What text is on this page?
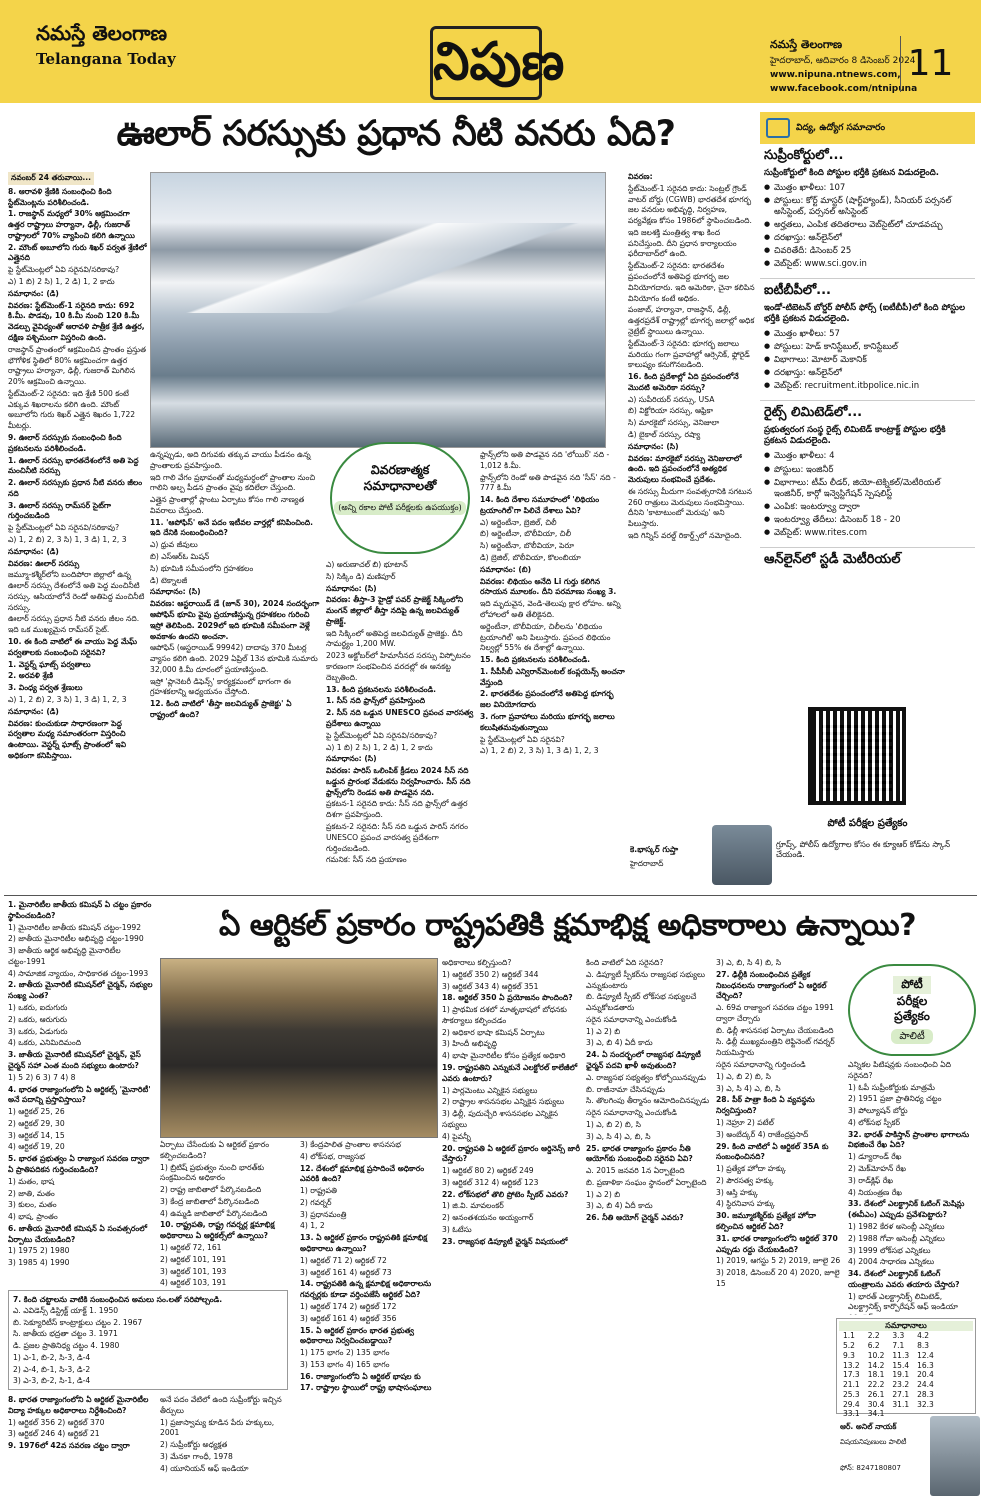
నమస్తే తెలంగాణ
Telangana Today	నిపుణ	నమస్తే తెలంగాణ
హైదరాబాద్, ఆదివారం 8 డిసెంబర్ 2024
www.nipuna.ntnews.com,
www.facebook.com/ntnipuna
11
ఊలార్ సరస్సుకు ప్రధాన నీటి వనరు ఏది?
నవంబర్ 24 తరువాయి...

8. ఆరావళి శ్రేణికి సంబంధించి కింది స్టేట్‌మెంట్లను పరిశీలించండి.

1. రాజస్థాన్ మధ్యలో 30% ఆక్రమించగా ఉత్తర రాష్ట్రాలు హర్యానా, ఢిల్లీ, గుజరాత్ రాష్ట్రాలలో 70% వ్యాపించి కలిగి ఉన్నాయి

2. మౌంట్ అబూలోని గురు శిఖర్ పర్వత శ్రేణిలో ఎత్తైనది

పై స్టేట్‌మెంట్లలో ఏవి సరైనవి/సరికావు?

ఎ) 1 బి) 2 సి) 1, 2 డి) 1, 2 కాదు

సమాధానం: (డి)

వివరణ: స్టేట్‌మెంట్-1 సరైనది కాదు: 692 కి.మీ. పొడవు, 10 కి.మీ నుంచి 120 కి.మీ వెడల్పు వైవిధ్యంతో ఆరావళి పాత్రీక శ్రేణి ఉత్తర, దక్షిణ పశ్చిమంగా విస్తరించి ఉంది.

రాజస్థాన్ ప్రాంతంలో ఆక్రమించిన ప్రాంతం ప్రస్తుత భౌగోళిక స్థితిలో 80% ఆక్రమించగా ఉత్తర రాష్ట్రాలు హర్యానా, ఢిల్లీ, గుజరాత్ మిగిలిన 20% ఆక్రమించి ఉన్నాయి.

స్టేట్‌మెంట్-2 సరైనది: ఇది శ్రేణి 500 కంటే ఎక్కువ శిఖరాలను కలిగి ఉంది. మౌంట్ అబూలోని గురు శిఖర్ ఎత్తైన శిఖరం 1,722 మీటర్లు.

9. ఊలార్ సరస్సుకు సంబంధించి కింది ప్రకటనలను పరిశీలించండి.

1. ఊలార్ సరస్సు భారతదేశంలోనే అతి పెద్ద మంచినీటి సరస్సు

2. ఊలార్ సరస్సుకు ప్రధాన నీటి వనరు జీలం నది

3. ఊలార్ సరస్సు రామ్‌సర్ సైట్‌గా గుర్తించబడింది

పై స్టేట్‌మెంట్లలో ఏవి సరైనవి/సరికావు?

ఎ) 1, 2 బి) 2, 3 సి) 1, 3 డి) 1, 2, 3

సమాధానం: (డి)

వివరణ: ఊలార్ సరస్సు

జమ్మూ-కశ్మీర్‌లోని బందిపోరా జిల్లాలో ఉన్న ఊలార్ సరస్సు దేశంలోనే అతి పెద్ద మంచినీటి సరస్సు. ఆసియాలోనే రెండో అతిపెద్ద మంచినీటి సరస్సు.

ఊలార్ సరస్సు ప్రధాన నీటి వనరు జీలం నది. ఇది ఒక ముఖ్యమైన రామ్‌సర్ సైట్.

10. ఈ కింది వాటిలో ఈ వాయు పెద్ద మేఘ్ పర్వతాలకు సంబంధించి సరైనవి?

1. వెస్టర్న్ ఘాట్స్ పర్వతాలు

2. అరవళి శ్రేణి

3. వింధ్య పర్వత శ్రేణులు

ఎ) 1, 2 బి) 2, 3 సి) 1, 3 డి) 1, 2, 3

సమాధానం: (డి)

వివరణ: కుంచుకుడా సాధారణంగా పెద్ద పర్వతాల మధ్య సమాంతరంగా విస్తరించి ఉంటాయి. వెస్టర్న్ ఘాట్స్ ప్రాంతంలో ఇవి అధికంగా కనిపిస్తాయి.

ఉన్నప్పుడు, అది దిగువకు తక్కువ వాయు పీడనం ఉన్న ప్రాంతాలకు ప్రవహిస్తుంది.

ఇది గాలి వేగం ప్రభావంతో మధ్యమర్ధంలో ప్రాంతాల నుంచి గాలిని అల్ప పీడన ప్రాంతం వైపు కదిలేలా చేస్తుంది.

ఎత్తైన ప్రాంతాల్లో ప్లాంటు ఏర్పాటు కోసం గాలి నాణ్యత వివరాలు చేస్తుంది.

11. 'ఆపోఫిస్' అనే పదం ఇటీవల వార్తల్లో కనిపించింది. ఇది దేనికి సంబంధించింది?

ఎ) ధ్రువ జీవులు

బి) ఎస్ఆర్ఓ మిషన్

సి) భూమికి సమీపంలోని గ్రహశకలం

డి) టెక్నాలజీ

సమాధానం: (సి)

వివరణ: ఆస్టరాయిడ్ డే (జూన్ 30), 2024 సందర్భంగా ఆపోఫిస్ భూమి వైపు ప్రయాణిస్తున్న గ్రహశకలం గురించి ఇస్రో తెలిపింది. 2029లో ఇది భూమికి సమీపంగా వెళ్లే అవకాశం ఉందని అంచనా.

ఆపోఫిస్ (ఆస్టరాయిడ్ 99942) దాదాపు 370 మీటర్ల వ్యాసం కలిగి ఉంది. 2029 ఏప్రిల్ 13న భూమికి సుమారు 32,000 కి.మీ దూరంలో ప్రయాణిస్తుంది.

ఇస్రో 'ప్లానెటరీ డిఫెన్స్' కార్యక్రమంలో భాగంగా ఈ గ్రహశకలాన్ని అధ్యయనం చేస్తోంది.

12. కింది వాటిలో 'తీస్తా జలవిద్యుత్ ప్రాజెక్టు' ఏ రాష్ట్రంలో ఉంది?

వివరణాత్మక
సమాధానాలతో
(అన్ని రకాల పోటీ పరీక్షలకు ఉపయుక్తం)

ఎ) అరుణాచల్ బి) భూటాన్

సి) సిక్కిం డి) మణిపూర్

సమాధానం: (సి)

వివరణ: తీస్తా-3 హైడ్రో పవర్ ప్రాజెక్ట్ సిక్కింలోని మంగన్ జిల్లాలో తీస్తా నదిపై ఉన్న జలవిద్యుత్ ప్రాజెక్ట్.

ఇది సిక్కింలో అతిపెద్ద జలవిద్యుత్ ప్రాజెక్టు. దీని సామర్థ్యం 1,200 MW.

2023 అక్టోబర్‌లో హిమానీనద సరస్సు విస్ఫోటనం కారణంగా సంభవించిన వరదల్లో ఈ ఆనకట్ట దెబ్బతింది.

13. కింది ప్రకటనలను పరిశీలించండి.

1. సీస్ నది ఫ్రాన్స్‌లో ప్రవహిస్తుంది

2. సీస్ నది ఒడ్డున UNESCO ప్రపంచ వారసత్వ ప్రదేశాలు ఉన్నాయి

పై స్టేట్‌మెంట్లలో ఏవి సరైనవి/సరికావు?

ఎ) 1 బి) 2 సి) 1, 2 డి) 1, 2 కాదు

సమాధానం: (సి)

వివరణ: పారిస్ ఒలింపిక్ క్రీడలు 2024 సీస్ నది ఒడ్డున ప్రారంభ వేడుకను నిర్వహించారు. సీస్ నది ఫ్రాన్స్‌లోని రెండవ అతి పొడవైన నది.

ప్రకటన-1 సరైనది కాదు: సీస్ నది ఫ్రాన్స్‌లో ఉత్తర దిశగా ప్రవహిస్తుంది.

ప్రకటన-2 సరైనది: సీస్ నది ఒడ్డున పారిస్ నగరం UNESCO ప్రపంచ వారసత్వ ప్రదేశంగా గుర్తించబడింది.

గమనిక: సీస్ నది ప్రయాణం

ఫ్రాన్స్‌లోని అతి పొడవైన నది 'లోయిర్' నది - 1,012 కి.మీ.

ఫ్రాన్స్‌లోని రెండో అతి పొడవైన నది 'సీస్' నది - 777 కి.మీ

14. కింది దేశాల సమూహంలో 'లిథియం ట్రయాంగిల్'గా పిలిచే దేశాలు ఏవి?

ఎ) అర్జెంటీనా, బ్రెజిల్, చిలీ

బి) అర్జెంటీనా, బొలీవియా, చిలీ

సి) అర్జెంటీనా, బొలీవియా, పెరూ

డి) బ్రెజిల్, బొలీవియా, కొలంబియా

సమాధానం: (బి)

వివరణ: లిథియం అనేది Li గుర్తు కలిగిన రసాయన మూలకం. దీని పరమాణు సంఖ్య 3.

ఇది మృదువైన, వెండి-తెలుపు క్షార లోహం. అన్ని లోహాలలో అతి తేలికైనది.

అర్జెంటీనా, బొలీవియా, చిలీలను 'లిథియం ట్రయాంగిల్' అని పిలుస్తారు. ప్రపంచ లిథియం నిల్వల్లో 55% ఈ దేశాల్లో ఉన్నాయి.

15. కింది ప్రకటనలను పరిశీలించండి.

1. సీపీసీబీ ఎన్విరాన్‌మెంటల్ కంప్లయెన్స్ అంచనా వేస్తుంది

2. భారతదేశం ప్రపంచంలోనే అతిపెద్ద భూగర్భ జల వినియోగదారు

3. గంగా ప్రవాహాలు మరియు భూగర్భ జలాలు కలుషితమవుతున్నాయి

పై స్టేట్‌మెంట్లలో ఏవి సరైనవి?

ఎ) 1, 2 బి) 2, 3 సి) 1, 3 డి) 1, 2, 3

వివరణ:

స్టేట్‌మెంట్-1 సరైనది కాదు: సెంట్రల్ గ్రౌండ్ వాటర్ బోర్డు (CGWB) భారతదేశ భూగర్భ జల వనరుల అభివృద్ధి, నిర్వహణ, పర్యవేక్షణ కోసం 1986లో స్థాపించబడింది.

ఇది జలశక్తి మంత్రిత్వ శాఖ కింద పనిచేస్తుంది. దీని ప్రధాన కార్యాలయం ఫరీదాబాద్‌లో ఉంది.

స్టేట్‌మెంట్-2 సరైనది: భారతదేశం ప్రపంచంలోనే అతిపెద్ద భూగర్భ జల వినియోగదారు. ఇది అమెరికా, చైనా కలిపిన వినియోగం కంటే అధికం.

పంజాబ్, హర్యానా, రాజస్థాన్, ఢిల్లీ, ఉత్తరప్రదేశ్ రాష్ట్రాల్లో భూగర్భ జలాల్లో అధిక నైట్రేట్ స్థాయిలు ఉన్నాయి.

స్టేట్‌మెంట్-3 సరైనది: భూగర్భ జలాలు మరియు గంగా ప్రవాహాల్లో ఆర్సెనిక్, ఫ్లోరైడ్ కాలుష్యం కనుగొనబడింది.

16. కింది ప్రదేశాల్లో ఏది ప్రపంచంలోనే మొదటి అమెరికా సరస్సు?

ఎ) సుపీరియర్ సరస్సు, USA

బి) విక్టోరియా సరస్సు, ఆఫ్రికా

సి) మారకైబో సరస్సు, వెనిజులా

డి) బైకాల్ సరస్సు, రష్యా

సమాధానం: (సి)

వివరణ: మారకైబో సరస్సు వెనిజులాలో ఉంది. ఇది ప్రపంచంలోనే అత్యధిక మెరుపులు సంభవించే ప్రదేశం.

ఈ సరస్సు మీదుగా సంవత్సరానికి సగటున 260 రాత్రులు మెరుపులు సంభవిస్తాయి. దీనిని 'కాటాటుంబో మెరుపు' అని పిలుస్తారు.

ఇది గిన్నిస్ వరల్డ్ రికార్డ్స్‌లో నమోదైంది.

కె.భాస్కర్ గుప్తా
హైదరాబాద్
విద్య, ఉద్యోగ సమాచారం
సుప్రీంకోర్టులో...
సుప్రీంకోర్టులో కింది పోస్టుల భర్తీకి ప్రకటన విడుదలైంది.
● మొత్తం ఖాళీలు: 107
● పోస్టులు: కోర్ట్ మాస్టర్ (షార్ట్‌హ్యాండ్), సీనియర్ పర్సనల్ అసిస్టెంట్, పర్సనల్ అసిస్టెంట్
● అర్హతలు, ఎంపిక తదితరాలు వెబ్‌సైట్‌లో చూడవచ్చు
● దరఖాస్తు: ఆన్‌లైన్‌లో
● చివరితేదీ: డిసెంబర్ 25
● వెబ్‌సైట్: www.sci.gov.in
ఐటీబీపీలో...
ఇండో-టిబెటన్ బోర్డర్ పోలీస్ ఫోర్స్ (ఐటీబీపీ)లో కింది పోస్టుల భర్తీకి ప్రకటన విడుదలైంది.
● మొత్తం ఖాళీలు: 57
● పోస్టులు: హెడ్ కానిస్టేబుల్, కానిస్టేబుల్
● విభాగాలు: మోటార్ మెకానిక్
● దరఖాస్తు: ఆన్‌లైన్‌లో
● వెబ్‌సైట్: recruitment.itbpolice.nic.in
రైట్స్ లిమిటెడ్‌లో...
ప్రభుత్వరంగ సంస్థ రైట్స్ లిమిటెడ్ కాంట్రాక్ట్ పోస్టుల భర్తీకి ప్రకటన విడుదలైంది.
● మొత్తం ఖాళీలు: 4
● పోస్టులు: ఇంజినీర్
● విభాగాలు: టీమ్ లీడర్, జియో-టెక్నికల్/మెటీరియల్ ఇంజినీర్, కార్గో ఇన్వెస్టిగేషన్ స్పెషలిస్ట్
● ఎంపిక: ఇంటర్వ్యూ ద్వారా
● ఇంటర్వ్యూ తేదీలు: డిసెంబర్ 18 - 20
● వెబ్‌సైట్: www.rites.com
ఆన్‌లైన్‌లో స్టడీ మెటీరియల్
పోటీ పరీక్షల ప్రత్యేకం
గ్రూప్స్, పోలీస్ ఉద్యోగాల కోసం ఈ క్యూఆర్ కోడ్‌ను స్కాన్ చేయండి.
ఏ ఆర్టికల్ ప్రకారం రాష్ట్రపతికి క్షమాభిక్ష అధికారాలు ఉన్నాయి?

1. మైనారిటీల జాతీయ కమిషన్ ఏ చట్టం ప్రకారం స్థాపించబడింది?

1) మైనారిటీల జాతీయ కమిషన్ చట్టం-1992

2) జాతీయ మైనారిటీల అభివృద్ధి చట్టం-1990

3) జాతీయ ఆర్థిక అభివృద్ధి మైనారిటీల చట్టం-1991

4) సామాజిక న్యాయం, సాధికారత చట్టం-1993

2. జాతీయ మైనారిటీ కమిషన్‌లో చైర్మన్, సభ్యుల సంఖ్య ఎంత?

1) ఒకరు, ఐదుగురు

2) ఒకరు, ఆరుగురు

3) ఒకరు, ఏడుగురు

4) ఒకరు, ఎనిమిదిమంది

3. జాతీయ మైనారిటీ కమిషన్‌లో చైర్మన్, వైస్ చైర్మన్ సహా ఎంత మంది సభ్యులు ఉంటారు?

1) 5 2) 6 3) 7 4) 8

4. భారత రాజ్యాంగంలోని ఏ ఆర్టికల్స్ 'మైనారిటీ' అనే పదాన్ని ప్రస్తావిస్తాయి?

1) ఆర్టికల్ 25, 26

2) ఆర్టికల్ 29, 30

3) ఆర్టికల్ 14, 15

4) ఆర్టికల్ 19, 20

5. భారత ప్రభుత్వం ఏ రాజ్యాంగ సవరణ ద్వారా ఏ ప్రాతిపదికన గుర్తించబడింది?

1) మతం, భాష

2) జాతి, మతం

3) కులం, మతం

4) భాష, ప్రాంతం

6. జాతీయ మైనారిటీ కమిషన్ ఏ సంవత్సరంలో ఏర్పాటు చేయబడింది?

1) 1975 2) 1980

3) 1985 4) 1990

7. కింది చట్టాలను వాటికి సంబంధించిన అమలు సం.లతో సరిపోల్చండి.

ఎ. ఎవిడెన్స్ డిస్ట్రిక్ట్ యాక్ట్ 1. 1950

బి. సెక్యూరిటీస్ కాంట్రాక్టులు చట్టం 2. 1967

సి. జాతీయ భద్రతా చట్టం 3. 1971

డి. ప్రజల ప్రాతినిధ్య చట్టం 4. 1980

1) ఎ-1, బి-2, సి-3, డి-4

2) ఎ-4, బి-1, సి-3, డి-2

3) ఎ-3, బి-2, సి-1, డి-4

8. భారత రాజ్యాంగంలోని ఏ ఆర్టికల్ మైనారిటీల విద్యా హక్కుల అధికారాలు నిర్దేశించింది?

1) ఆర్టికల్ 356 2) ఆర్టికల్ 370

3) ఆర్టికల్ 246 4) ఆర్టికల్ 21

9. 1976లో 42వ సవరణ చట్టం ద్వారా

అనే పదం వేటిలో ఉంది సుప్రీంకోర్టు ఇచ్చిన తీర్పులు

1) ప్రజాస్వామ్య కూడిన పేరు హక్కులు, 2001

2) సుప్రీంకోర్టు అధ్యక్షత

3) మేనకా గాంధీ, 1978

4) యూనియన్ ఆఫ్ ఇండియా

ఏర్పాటు చేసేందుకు ఏ ఆర్టికల్ ప్రకారం కల్పించబడింది?

1) బ్రిటిష్ ప్రభుత్వం నుంచి భారత్‌కు సంక్రమించిన అధికారం

2) రాష్ట్ర జాబితాలో పేర్కొనబడింది

3) కేంద్ర జాబితాలో పేర్కొనబడింది

4) ఉమ్మడి జాబితాలో పేర్కొనబడింది

10. రాష్ట్రపతి, రాష్ట్ర గవర్నర్ల క్షమాభిక్ష అధికారాలు ఏ ఆర్టికల్స్‌లో ఉన్నాయి?

1) ఆర్టికల్ 72, 161

2) ఆర్టికల్ 101, 191

3) ఆర్టికల్ 101, 193

4) ఆర్టికల్ 103, 191

3) కేంద్రపాలిత ప్రాంతాల శాసనసభ

4) లోక్‌సభ, రాజ్యసభ

12. దేశంలో క్షమాభిక్ష ప్రసాదించే అధికారం ఎవరికి ఉంది?

1) రాష్ట్రపతి

2) గవర్నర్

3) ప్రధానమంత్రి

4) 1, 2

13. ఏ ఆర్టికల్ ప్రకారం రాష్ట్రపతికి క్షమాభిక్ష అధికారాలు ఉన్నాయి?

1) ఆర్టికల్ 71 2) ఆర్టికల్ 72

3) ఆర్టికల్ 161 4) ఆర్టికల్ 73

14. రాష్ట్రపతికి ఉన్న క్షమాభిక్ష అధికారాలను గవర్నర్లకు కూడా వర్తింపజేసే ఆర్టికల్ ఏది?

1) ఆర్టికల్ 174 2) ఆర్టికల్ 172

3) ఆర్టికల్ 161 4) ఆర్టికల్ 356

15. ఏ ఆర్టికల్ ప్రకారం భారత ప్రభుత్వ అధికారాలు నిర్వచించబడ్డాయి?

1) 175 భాగం 2) 135 భాగం

3) 153 భాగం 4) 165 భాగం

16. రాజ్యాంగంలోని ఏ ఆర్టికల్ భాషల కు

17. రాష్ట్రాల స్థాయిలో రాష్ట్ర భాషాసంఘాలు

అధికారాలు కల్పిస్తుంది?

1) ఆర్టికల్ 350 2) ఆర్టికల్ 344

3) ఆర్టికల్ 343 4) ఆర్టికల్ 351

18. ఆర్టికల్ 350 ఏ ప్రయోజనం పొందింది?

1) ప్రాథమిక దశలో మాతృభాషలో బోధనకు సౌకర్యాలు కల్పించడం

2) అధికార భాషా కమిషన్ ఏర్పాటు

3) హిందీ అభివృద్ధి

4) భాషా మైనారిటీల కోసం ప్రత్యేక అధికారి

19. రాష్ట్రపతిని ఎన్నుకునే ఎలక్టోరల్ కాలేజీలో ఎవరు ఉంటారు?

1) పార్లమెంటు ఎన్నికైన సభ్యులు

2) రాష్ట్రాల శాసనసభల ఎన్నికైన సభ్యులు

3) ఢిల్లీ, పుదుచ్చేరి శాసనసభల ఎన్నికైన సభ్యులు

4) పైవన్నీ

20. రాష్ట్రపతి ఏ ఆర్టికల్ ప్రకారం ఆర్డినెన్స్ జారీ చేస్తారు?

1) ఆర్టికల్ 80 2) ఆర్టికల్ 249

3) ఆర్టికల్ 312 4) ఆర్టికల్ 123

22. లోక్‌సభలో తొలి ప్రోటెం స్పీకర్ ఎవరు?

1) జి.వి. మావలంకర్

2) అనంతశయనం అయ్యంగార్

3) ఓటేసు

23. రాజ్యసభ డిప్యూటీ ఛైర్మన్ విషయంలో

కింది వాటిలో ఏది సరైనది?

ఎ. డిప్యూటీ స్పీకర్‌ను రాజ్యసభ సభ్యులు ఎన్నుకుంటారు

బి. డిప్యూటీ స్పీకర్ లోక్‌సభ సభ్యులచే ఎన్నుకోబడతారు

సరైన సమాధానాన్ని ఎంచుకోండి

1) ఎ 2) బి

3) ఎ, బి 4) ఏదీ కాదు

24. ఏ సందర్భంలో రాజ్యసభ డిప్యూటీ ఛైర్మన్ పదవి ఖాళీ అవుతుంది?

ఎ. రాజ్యసభ సభ్యత్వం కోల్పోయినప్పుడు

బి. రాజీనామా చేసినప్పుడు

సి. తొలగింపు తీర్మానం ఆమోదించినప్పుడు

సరైన సమాధానాన్ని ఎంచుకోండి

1) ఎ, బి 2) బి, సి

3) ఎ, సి 4) ఎ, బి, సి

25. భారత రాజ్యాంగం ప్రకారం నీతి ఆయోగ్‌కు సంబంధించి సరైనవి ఏవి?

ఎ. 2015 జనవరి 1న ఏర్పాటైంది

బి. ప్రణాళికా సంఘం స్థానంలో ఏర్పాటైంది

1) ఎ 2) బి

3) ఎ, బి 4) ఏదీ కాదు

26. నీతి ఆయోగ్ చైర్మన్ ఎవరు?

3) ఎ, బి, సి 4) బి, సి

27. ఢిల్లీకి సంబంధించిన ప్రత్యేక నిబంధనలను రాజ్యాంగంలో ఏ ఆర్టికల్ చేర్చింది?

ఎ. 69వ రాజ్యాంగ సవరణ చట్టం 1991 ద్వారా చేర్చారు

బి. ఢిల్లీ శాసనసభ ఏర్పాటు చేయబడింది

సి. ఢిల్లీ ముఖ్యమంత్రిని లెఫ్టినెంట్ గవర్నర్ నియమిస్తారు

సరైన సమాధానాన్ని గుర్తించండి

1) ఎ, బి 2) బి, సి

3) ఎ, సి 4) ఎ, బి, సి

28. పీఠ్ పాత్రా కింది ఏ వ్యవస్థను నిర్వచిస్తుంది?

1) నెహ్రూ 2) పటేల్

3) అంబేద్కర్ 4) రాజేంద్రప్రసాద్

29. కింది వాటిలో ఏ ఆర్టికల్ 35A కు సంబంధించినది?

1) ప్రత్యేక హోదా హక్కు

2) పౌరసత్వ హక్కు

3) ఆస్తి హక్కు

4) స్థిరనివాస హక్కు

30. జమ్మూకశ్మీర్‌కు ప్రత్యేక హోదా కల్పించిన ఆర్టికల్ ఏది?

31. భారత రాజ్యాంగంలోని ఆర్టికల్ 370 ఎప్పుడు రద్దు చేయబడింది?

1) 2019, ఆగస్టు 5 2) 2019, జూలై 26

3) 2018, డిసెంబర్ 20 4) 2020, జూలై 15

పోటీ
పరీక్షల
ప్రత్యేకం
పాలిటీ

ఎన్నికల పిటిషన్లకు సంబంధించి ఏది సరైనది?

1) ఓపీ సుప్రీంకోర్టుకు మాత్రమే

2) 1951 ప్రజా ప్రాతినిధ్య చట్టం

3) పోల్యూషన్ బోర్డు

4) లోక్‌సభ స్పీకర్

32. భారత్ పాకిస్తాన్ ప్రాంతాల భాగాలను విభజించే రేఖ ఏది?

1) డ్యూరాండ్ రేఖ

2) మెక్‌మోహన్ రేఖ

3) రాడ్‌క్లిఫ్ రేఖ

4) నియంత్రణ రేఖ

33. దేశంలో ఎలక్ట్రానిక్ ఓటింగ్ మెషిన్లు (ఈవీఎం) ఎప్పుడు ప్రవేశపెట్టారు?

1) 1982 కేరళ అసెంబ్లీ ఎన్నికలు

2) 1988 గోవా అసెంబ్లీ ఎన్నికలు

3) 1999 లోక్‌సభ ఎన్నికలు

4) 2004 సాధారణ ఎన్నికలు

34. దేశంలో ఎలక్ట్రానిక్ ఓటింగ్ యంత్రాలను ఎవరు తయారు చేస్తారు?

1) భారత్ ఎలక్ట్రానిక్స్ లిమిటెడ్, ఎలక్ట్రానిక్స్ కార్పొరేషన్ ఆఫ్ ఇండియా

సమాధానాలు
1.1	2.2	3.3	4.2
5.2	6.2	7.1	8.3
9.3	10.2	11.3	12.4
13.2	14.2	15.4	16.3
17.3	18.1	19.1	20.4
21.1	22.2	23.2	24.4
25.3	26.1	27.1	28.3
29.4	30.4	31.1	32.3
33.1	34.1		
ఆర్. అనిల్ నాయక్
విషయనిపుణులు పాలిటీ
ఫోన్: 8247180807
